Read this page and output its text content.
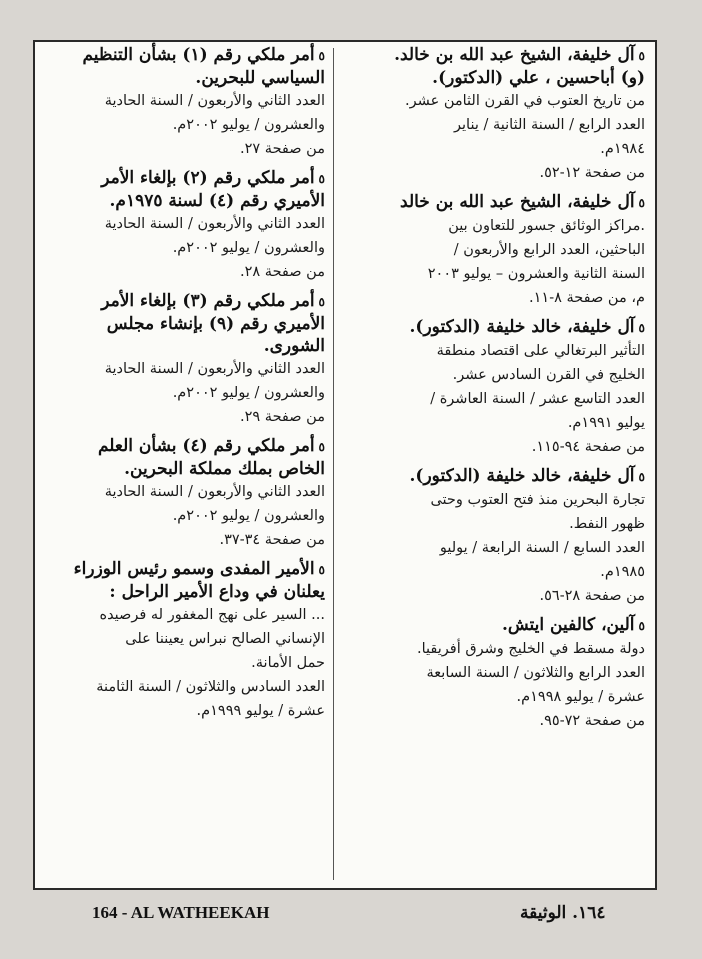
٥آل خليفة، الشيخ عبد الله بن خالد.

(و) أباحسين ، علي (الدكتور).

من تاريخ العتوب في القرن الثامن عشر.

العدد الرابع / السنة الثانية / يناير

١٩٨٤م.

من صفحة ١٢-٥٢.

٥آل خليفة، الشيخ عبد الله بن خالد

.مراكز الوثائق جسور للتعاون بين

الباحثين، العدد الرابع والأربعون /

السنة الثانية والعشرون – يوليو ٢٠٠٣

م، من صفحة ٨-١١.

٥آل خليفة، خالد خليفة (الدكتور).

التأثير البرتغالي على اقتصاد منطقة

الخليج في القرن السادس عشر.

العدد التاسع عشر / السنة العاشرة /

يوليو ١٩٩١م.

من صفحة ٩٤-١١٥.

٥آل خليفة، خالد خليفة (الدكتور).

تجارة البحرين منذ فتح العتوب وحتى

ظهور النفط.

العدد السابع / السنة الرابعة / يوليو

١٩٨٥م.

من صفحة ٢٨-٥٦.

٥آلين، كالفين ايتش.

دولة مسقط في الخليج وشرق أفريقيا.

العدد الرابع والثلاثون / السنة السابعة

عشرة / يوليو ١٩٩٨م.

من صفحة ٧٢-٩٥.

٥أمر ملكي رقم (١) بشأن التنظيم

السياسي للبحرين.

العدد الثاني والأربعون / السنة الحادية

والعشرون / يوليو ٢٠٠٢م.

من صفحة ٢٧.

٥أمر ملكي رقم (٢) بإلغاء الأمر

الأميري رقم (٤) لسنة ١٩٧٥م.

العدد الثاني والأربعون / السنة الحادية

والعشرون / يوليو ٢٠٠٢م.

من صفحة ٢٨.

٥أمر ملكي رقم (٣) بإلغاء الأمر

الأميري رقم (٩) بإنشاء مجلس

الشورى.

العدد الثاني والأربعون / السنة الحادية

والعشرون / يوليو ٢٠٠٢م.

من صفحة ٢٩.

٥أمر ملكي رقم (٤) بشأن العلم

الخاص بملك مملكة البحرين.

العدد الثاني والأربعون / السنة الحادية

والعشرون / يوليو ٢٠٠٢م.

من صفحة ٣٤-٣٧.

٥الأمير المفدى وسمو رئيس الوزراء

يعلنان في وداع الأمير الراحل :

... السير على نهج المغفور له فرصيده

الإنساني الصالح نبراس يعيننا على

حمل الأمانة.

العدد السادس والثلاثون / السنة الثامنة

عشرة / يوليو ١٩٩٩م.

164 - AL WATHEEKAH	١٦٤. الوثيقة
